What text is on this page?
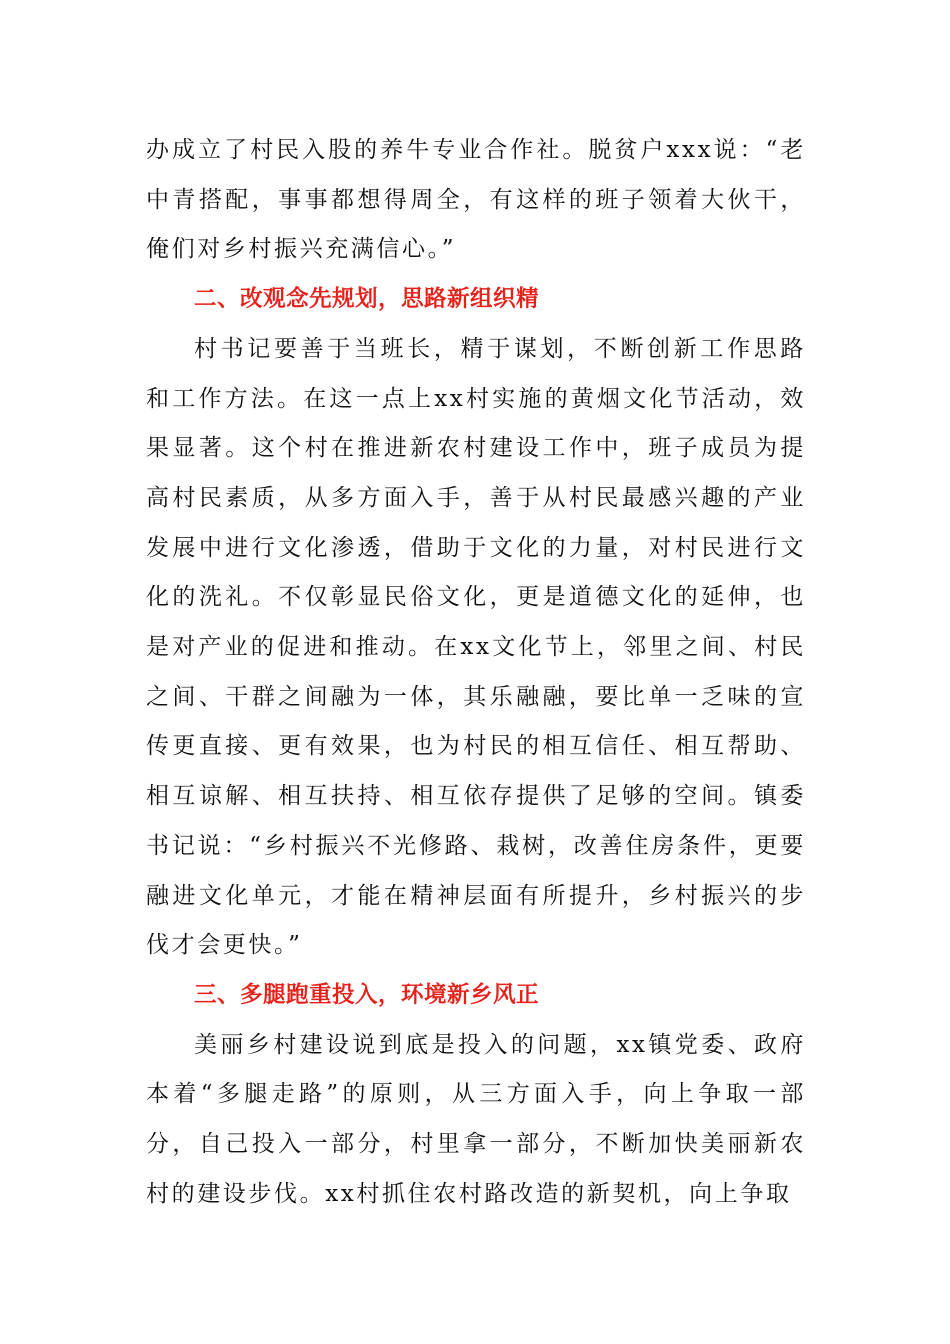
办成立了村民入股的养牛专业合作社。脱贫户xxx说：“老中青搭配，事事都想得周全，有这样的班子领着大伙干，俺们对乡村振兴充满信心。”

二、改观念先规划，思路新组织精

村书记要善于当班长，精于谋划，不断创新工作思路和工作方法。在这一点上xx村实施的黄烟文化节活动，效果显著。这个村在推进新农村建设工作中，班子成员为提高村民素质，从多方面入手，善于从村民最感兴趣的产业发展中进行文化渗透，借助于文化的力量，对村民进行文化的洗礼。不仅彰显民俗文化，更是道德文化的延伸，也是对产业的促进和推动。在xx文化节上，邻里之间、村民之间、干群之间融为一体，其乐融融，要比单一乏味的宣传更直接、更有效果，也为村民的相互信任、相互帮助、相互谅解、相互扶持、相互依存提供了足够的空间。镇委书记说：“乡村振兴不光修路、栽树，改善住房条件，更要融进文化单元，才能在精神层面有所提升，乡村振兴的步伐才会更快。”

三、多腿跑重投入，环境新乡风正

美丽乡村建设说到底是投入的问题，xx镇党委、政府本着“多腿走路”的原则，从三方面入手，向上争取一部分，自己投入一部分，村里拿一部分，不断加快美丽新农村的建设步伐。xx村抓住农村路改造的新契机，向上争取
